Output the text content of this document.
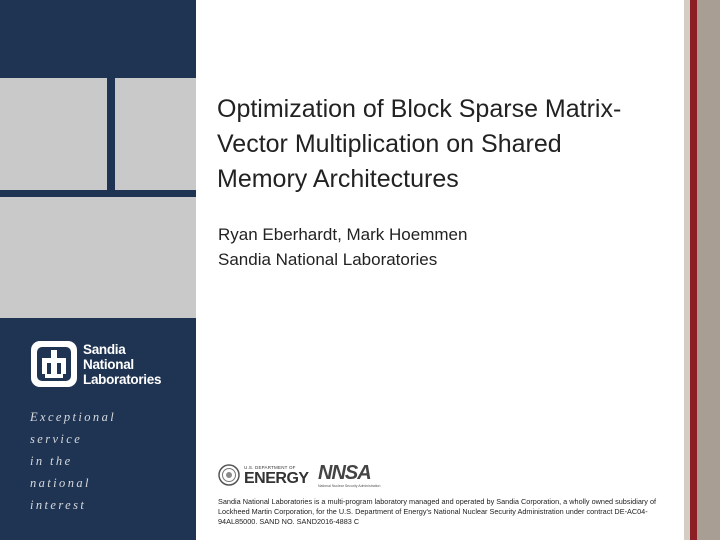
Sandia
National
Laboratories
Exceptional
service
in the
national
interest
Optimization of Block Sparse Matrix-
Vector Multiplication on Shared
Memory Architectures
Ryan Eberhardt, Mark Hoemmen
Sandia National Laboratories
U.S. DEPARTMENT OF
ENERGY NNSA
National Nuclear Security Administration
Sandia National Laboratories is a multi-program laboratory managed and operated by Sandia Corporation, a wholly owned subsidiary of Lockheed Martin Corporation, for the U.S. Department of Energy's National Nuclear Security Administration under contract DE-AC04-94AL85000. SAND NO. SAND2016-4883 C
